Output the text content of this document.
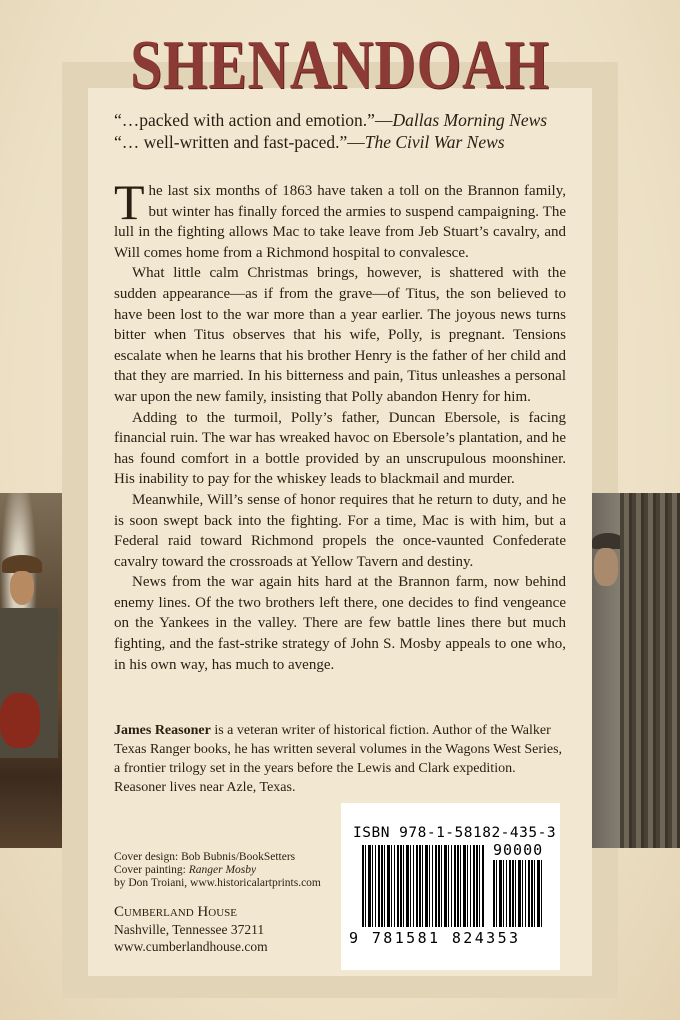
SHENANDOAH
“…packed with action and emotion.”—Dallas Morning News
“… well-written and fast-paced.”—The Civil War News

The last six months of 1863 have taken a toll on the Brannon family, but winter has finally forced the armies to suspend campaigning. The lull in the fighting allows Mac to take leave from Jeb Stuart’s cavalry, and Will comes home from a Richmond hospital to convalesce.

What little calm Christmas brings, however, is shattered with the sudden appearance—as if from the grave—of Titus, the son believed to have been lost to the war more than a year earlier. The joyous news turns bitter when Titus observes that his wife, Polly, is pregnant. Tensions escalate when he learns that his brother Henry is the father of her child and that they are married. In his bitterness and pain, Titus unleashes a personal war upon the new family, insisting that Polly abandon Henry for him.

Adding to the turmoil, Polly’s father, Duncan Ebersole, is facing financial ruin. The war has wreaked havoc on Ebersole’s plantation, and he has found comfort in a bottle provided by an unscrupulous moonshiner. His inability to pay for the whiskey leads to blackmail and murder.

Meanwhile, Will’s sense of honor requires that he return to duty, and he is soon swept back into the fighting. For a time, Mac is with him, but a Federal raid toward Richmond propels the once-vaunted Confederate cavalry toward the crossroads at Yellow Tavern and destiny.

News from the war again hits hard at the Brannon farm, now behind enemy lines. Of the two brothers left there, one decides to find vengeance on the Yankees in the valley. There are few battle lines there but much fighting, and the fast-strike strategy of John S. Mosby appeals to one who, in his own way, has much to avenge.

James Reasoner is a veteran writer of historical fiction. Author of the Walker Texas Ranger books, he has written several volumes in the Wagons West Series, a frontier trilogy set in the years before the Lewis and Clark expedition. Reasoner lives near Azle, Texas.
ISBN 978-1-58182-435-3
90000
9 781581 824353
Cover design: Bob Bubnis/BookSetters
Cover painting: Ranger Mosby
by Don Troiani, www.historicalartprints.com
Cumberland House
Nashville, Tennessee 37211
www.cumberlandhouse.com
